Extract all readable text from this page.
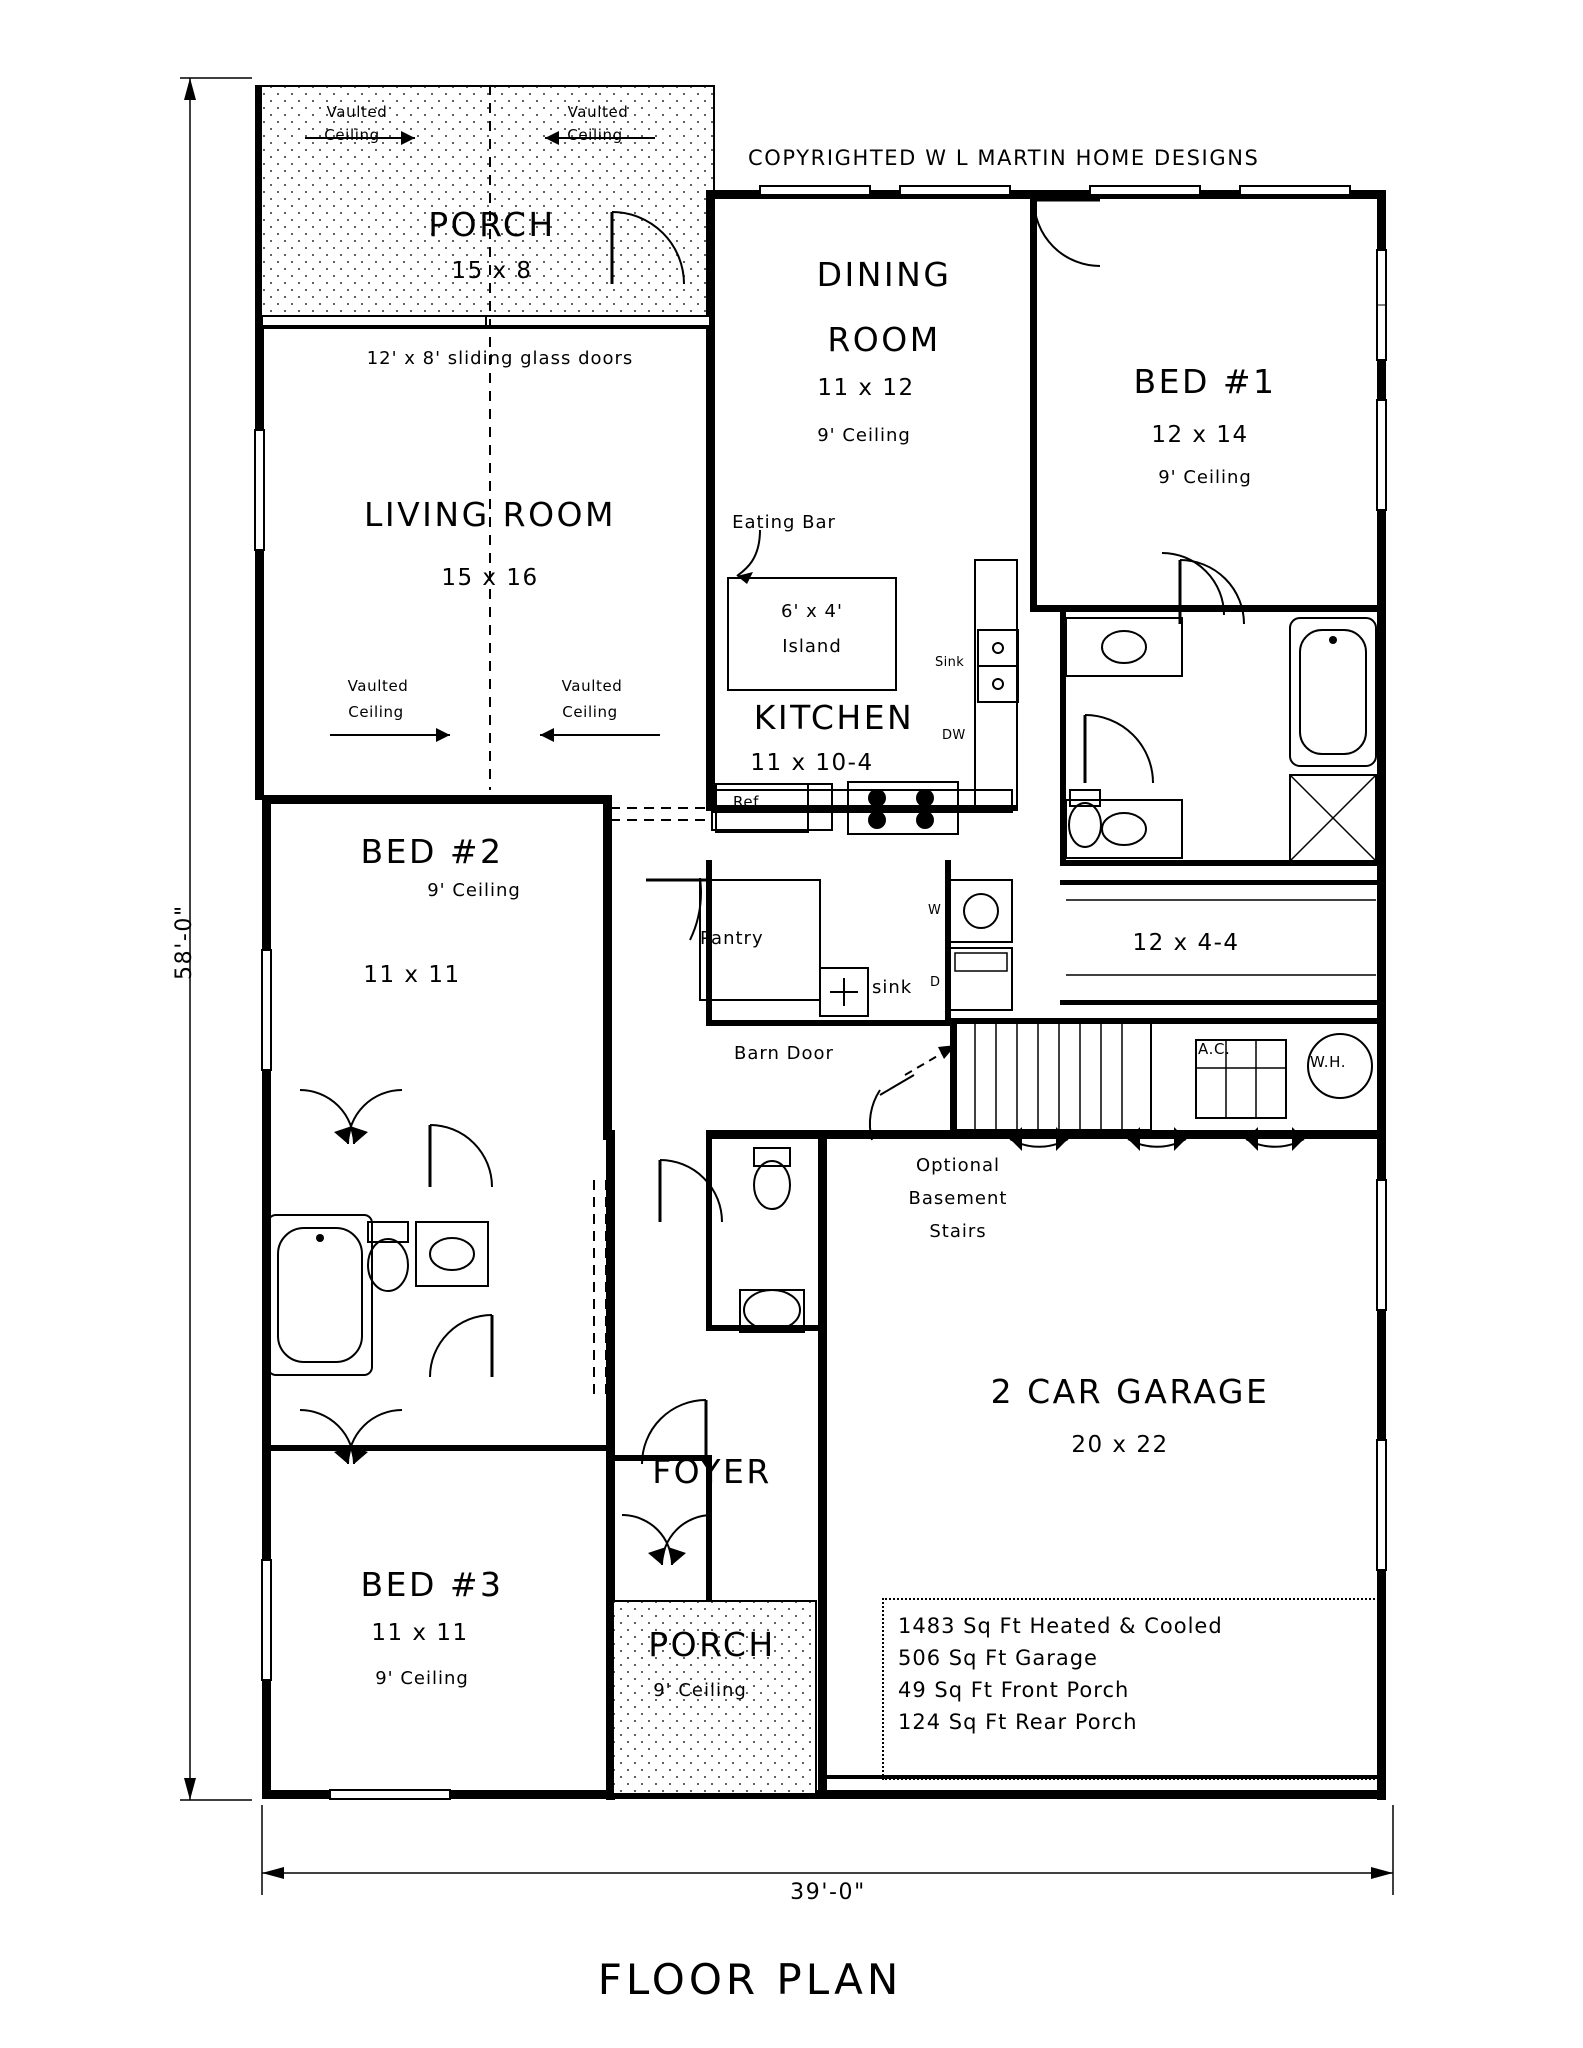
58'-0"
39'-0"
COPYRIGHTED W L MARTIN HOME DESIGNS
Vaulted
Ceiling
Vaulted
Ceiling
PORCH
15 x 8
12' x 8' sliding glass doors
LIVING ROOM
15 x 16
Vaulted
Ceiling
Vaulted
Ceiling
DINING
ROOM
11 x 12
9' Ceiling
BED #1
12 x 14
9' Ceiling
Eating Bar
6' x 4'
Island
KITCHEN
11 x 10-4
Sink
DW
Ref.
Pantry
W
D
sink
Barn Door
12 x 4-4
A.C.
W.H.
Optional
Basement
Stairs
BED #2
9' Ceiling
11 x 11
BED #3
11 x 11
9' Ceiling
FOYER
PORCH
9' Ceiling
2 CAR GARAGE
20 x 22
1483 Sq Ft Heated & Cooled
506 Sq Ft Garage
49 Sq Ft Front Porch
124 Sq Ft Rear Porch
FLOOR PLAN
